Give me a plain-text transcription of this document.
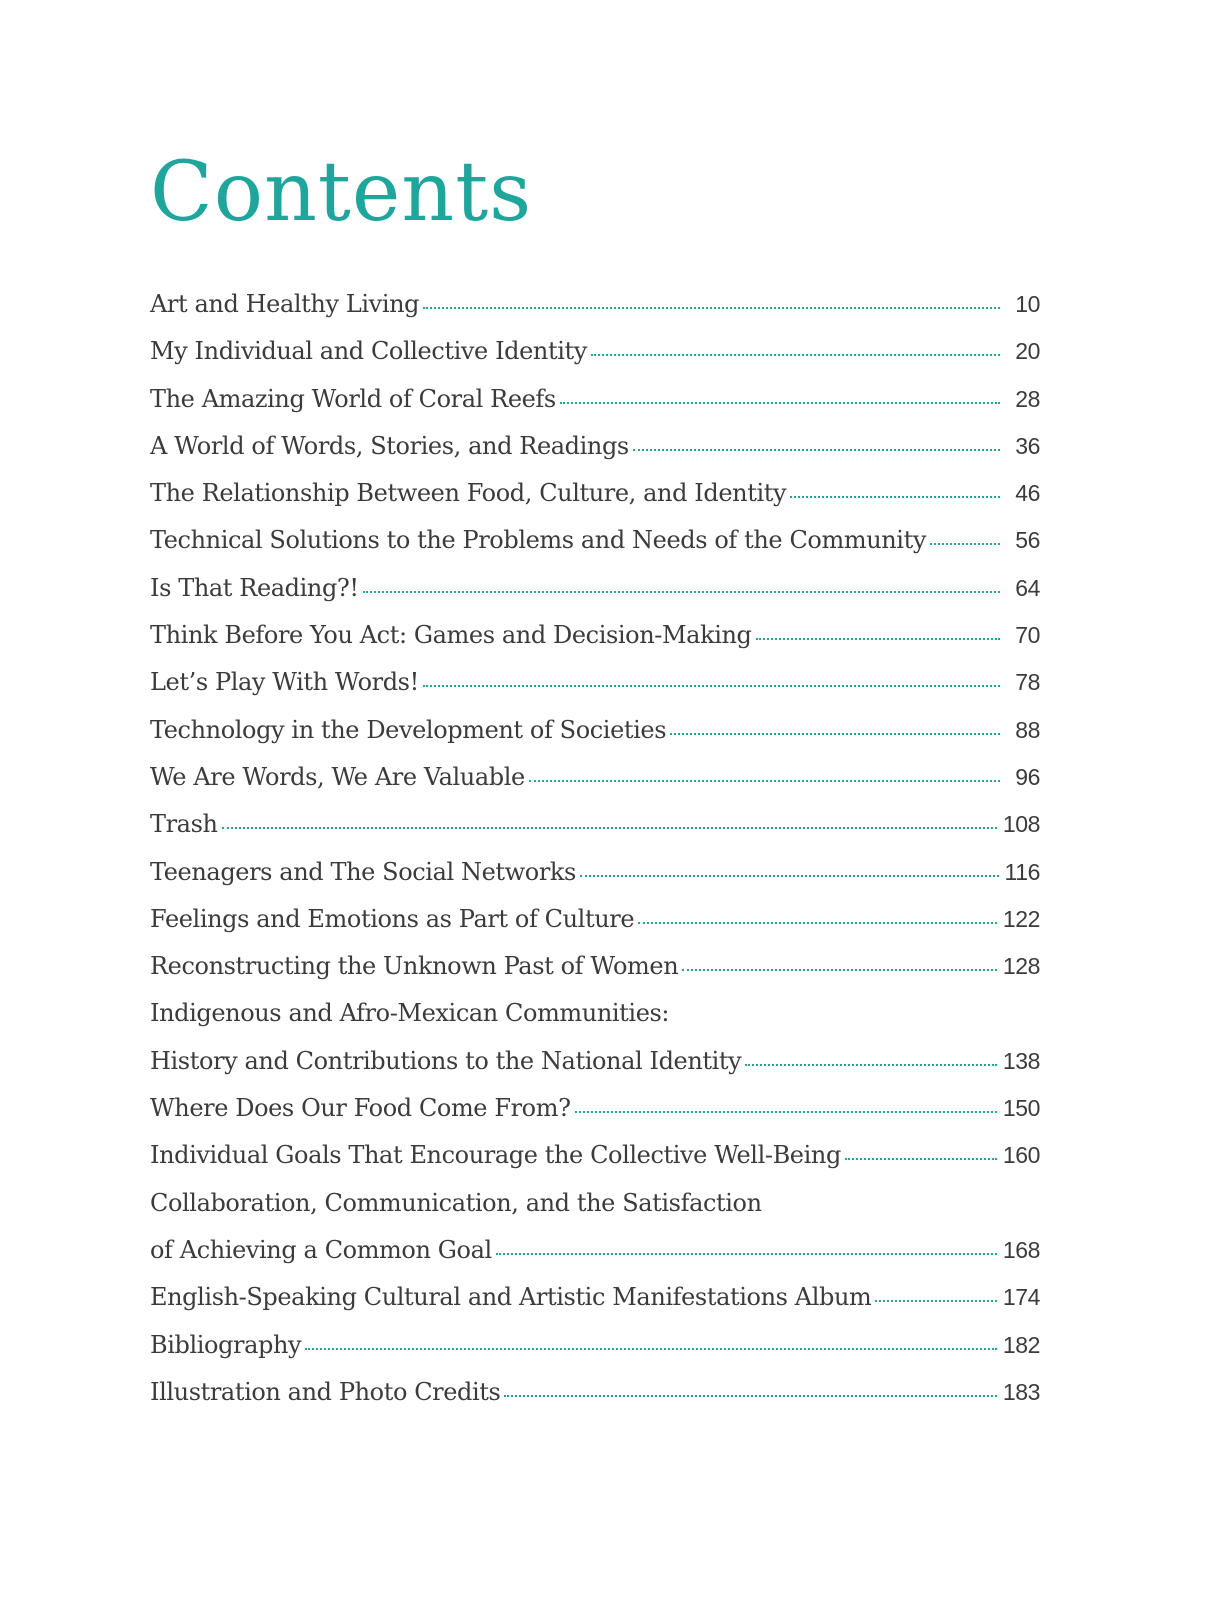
Contents
Art and Healthy Living	10
My Individual and Collective Identity	20
The Amazing World of Coral Reefs	28
A World of Words, Stories, and Readings	36
The Relationship Between Food, Culture, and Identity	46
Technical Solutions to the Problems and Needs of the Community	56
Is That Reading?!	64
Think Before You Act: Games and Decision-Making	70
Let’s Play With Words!	78
Technology in the Development of Societies	88
We Are Words, We Are Valuable	96
Trash	108
Teenagers and The Social Networks	116
Feelings and Emotions as Part of Culture	122
Reconstructing the Unknown Past of Women	128
Indigenous and Afro-Mexican Communities:
History and Contributions to the National Identity	138
Where Does Our Food Come From?	150
Individual Goals That Encourage the Collective Well-Being	160
Collaboration, Communication, and the Satisfaction
of Achieving a Common Goal	168
English-Speaking Cultural and Artistic Manifestations Album	174
Bibliography	182
Illustration and Photo Credits	183
